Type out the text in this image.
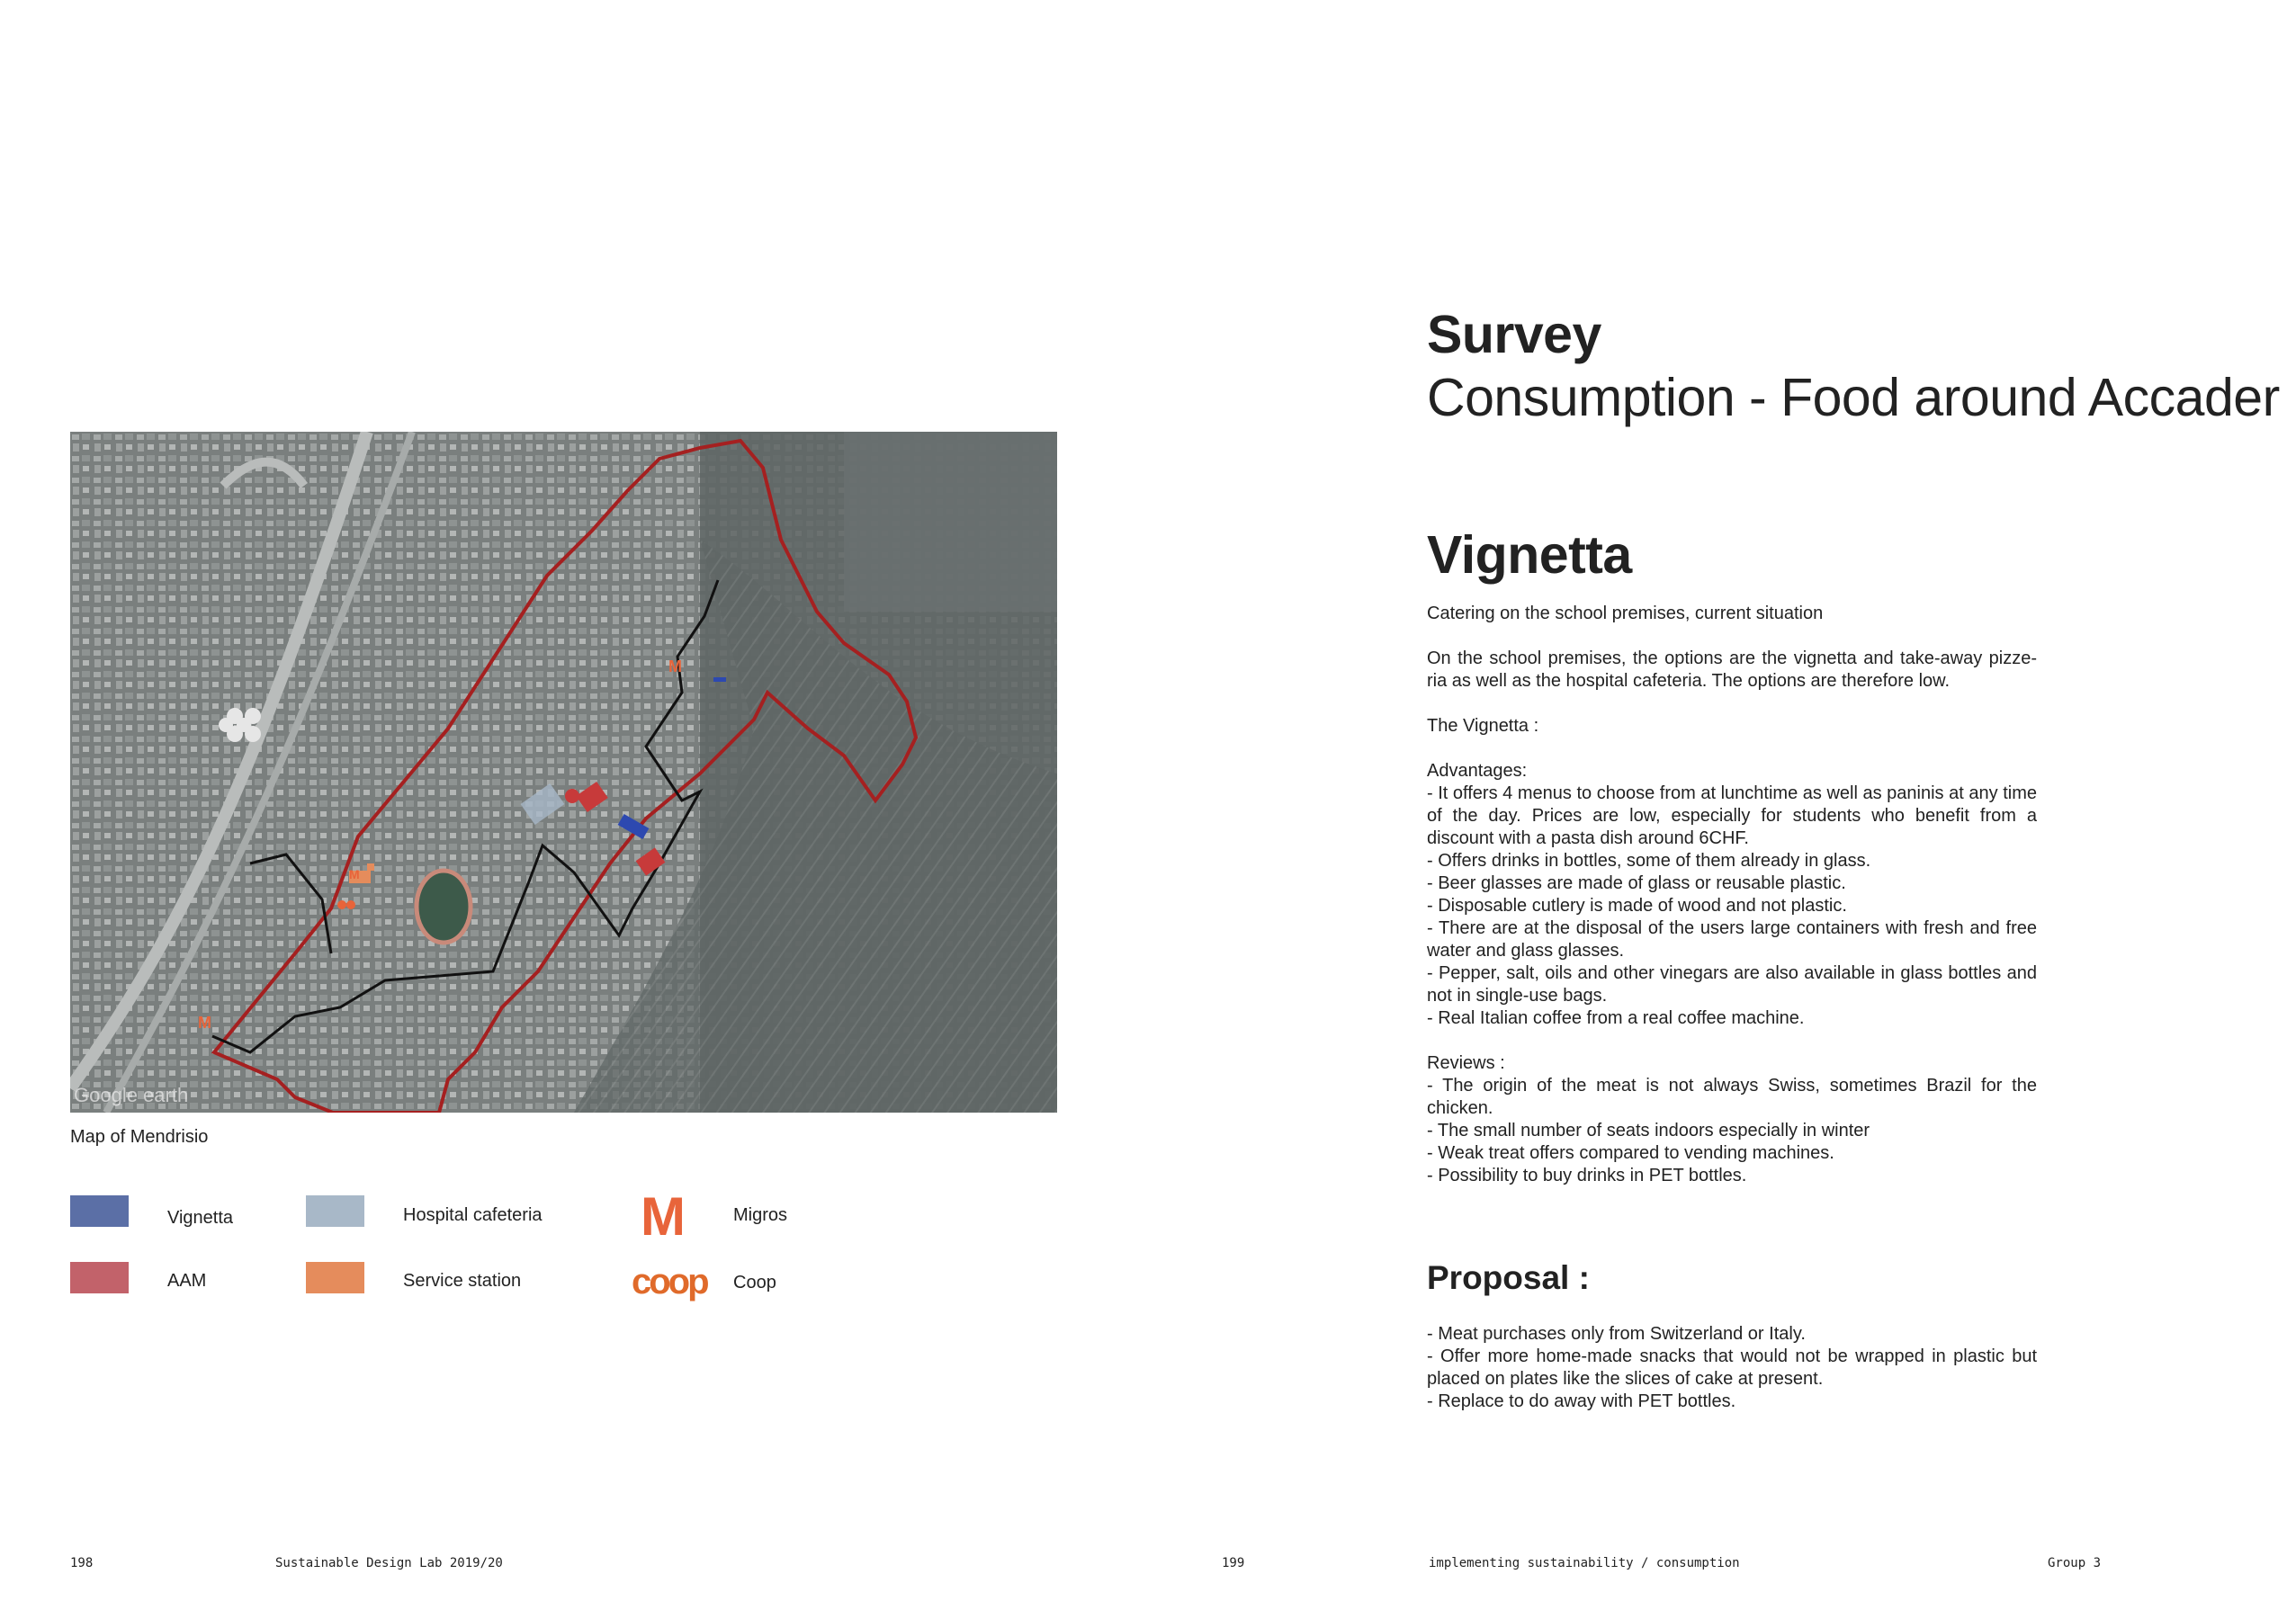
M
M
M
Google earth
Map of Mendrisio
Vignetta	Hospital cafeteria M	Migros
AAM	Service station	coop Coop
198	Sustainable Design Lab 2019/20
Survey
Consumption - Food around Accader
Vignetta

Catering on the school premises, current situation

On the school premises, the options are the vignetta and take-away pizze- ria as well as the hospital cafeteria. The options are therefore low.

The Vignetta :

Advantages:

- It offers 4 menus to choose from at lunchtime as well as paninis at any time of the day. Prices are low, especially for students who benefit from a discount with a pasta dish around 6CHF.

- Offers drinks in bottles, some of them already in glass.

- Beer glasses are made of glass or reusable plastic.

- Disposable cutlery is made of wood and not plastic.

- There are at the disposal of the users large containers with fresh and free water and glass glasses.

- Pepper, salt, oils and other vinegars are also available in glass bottles and not in single-use bags.

- Real Italian coffee from a real coffee machine.

Reviews :

- The origin of the meat is not always Swiss, sometimes Brazil for the chicken.

- The small number of seats indoors especially in winter

- Weak treat offers compared to vending machines.

- Possibility to buy drinks in PET bottles.

Proposal :

- Meat purchases only from Switzerland or Italy.

- Offer more home-made snacks that would not be wrapped in plastic but placed on plates like the slices of cake at present.

- Replace to do away with PET bottles.

199	implementing sustainability / consumption	Group 3
